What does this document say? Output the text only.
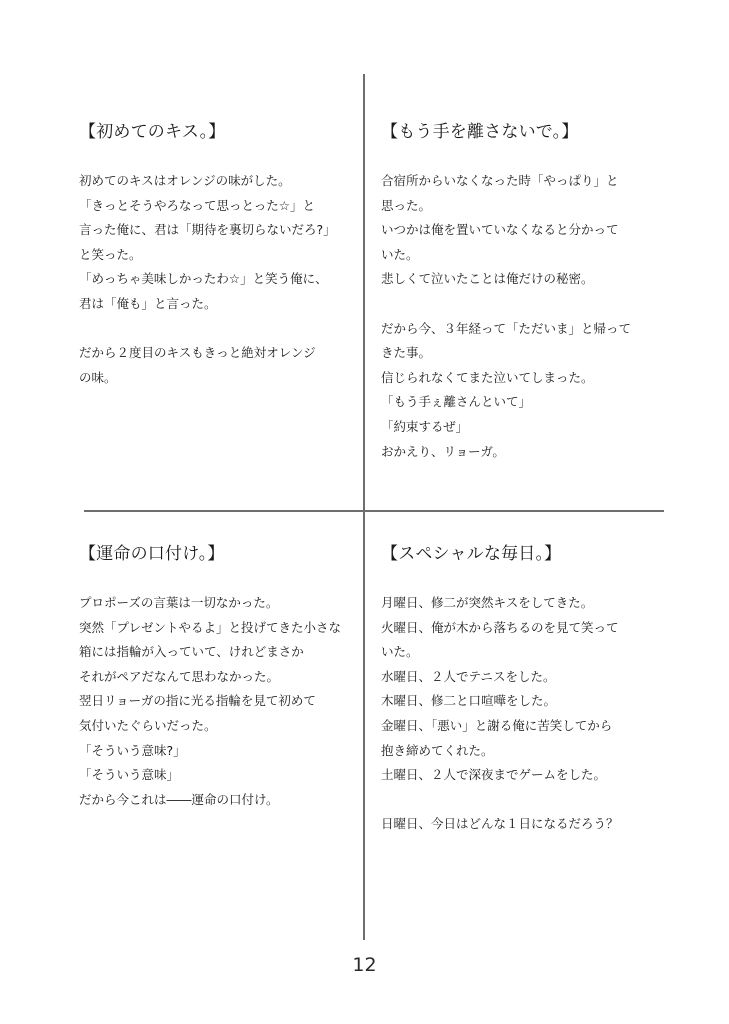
【初めてのキス。】
初めてのキスはオレンジの味がした。
「きっとそうやろなって思っとった☆」と
言った俺に、君は「期待を裏切らないだろ?」
と笑った。
「めっちゃ美味しかったわ☆」と笑う俺に、
君は「俺も」と言った。
だから２度目のキスもきっと絶対オレンジ
の味。
【もう手を離さないで。】
合宿所からいなくなった時「やっぱり」と
思った。
いつかは俺を置いていなくなると分かって
いた。
悲しくて泣いたことは俺だけの秘密。
だから今、３年経って「ただいま」と帰って
きた事。
信じられなくてまた泣いてしまった。
「もう手ぇ離さんといて」
「約束するぜ」
おかえり、リョーガ。
【運命の口付け。】
プロポーズの言葉は一切なかった。
突然「プレゼントやるよ」と投げてきた小さな
箱には指輪が入っていて、けれどまさか
それがペアだなんて思わなかった。
翌日リョーガの指に光る指輪を見て初めて
気付いたぐらいだった。
「そういう意味?」
「そういう意味」
だから今これは――運命の口付け。
【スペシャルな毎日。】
月曜日、修二が突然キスをしてきた。
火曜日、俺が木から落ちるのを見て笑って
いた。
水曜日、２人でテニスをした。
木曜日、修二と口喧嘩をした。
金曜日、「悪い」と謝る俺に苦笑してから
抱き締めてくれた。
土曜日、２人で深夜までゲームをした。
日曜日、今日はどんな１日になるだろう？
12
